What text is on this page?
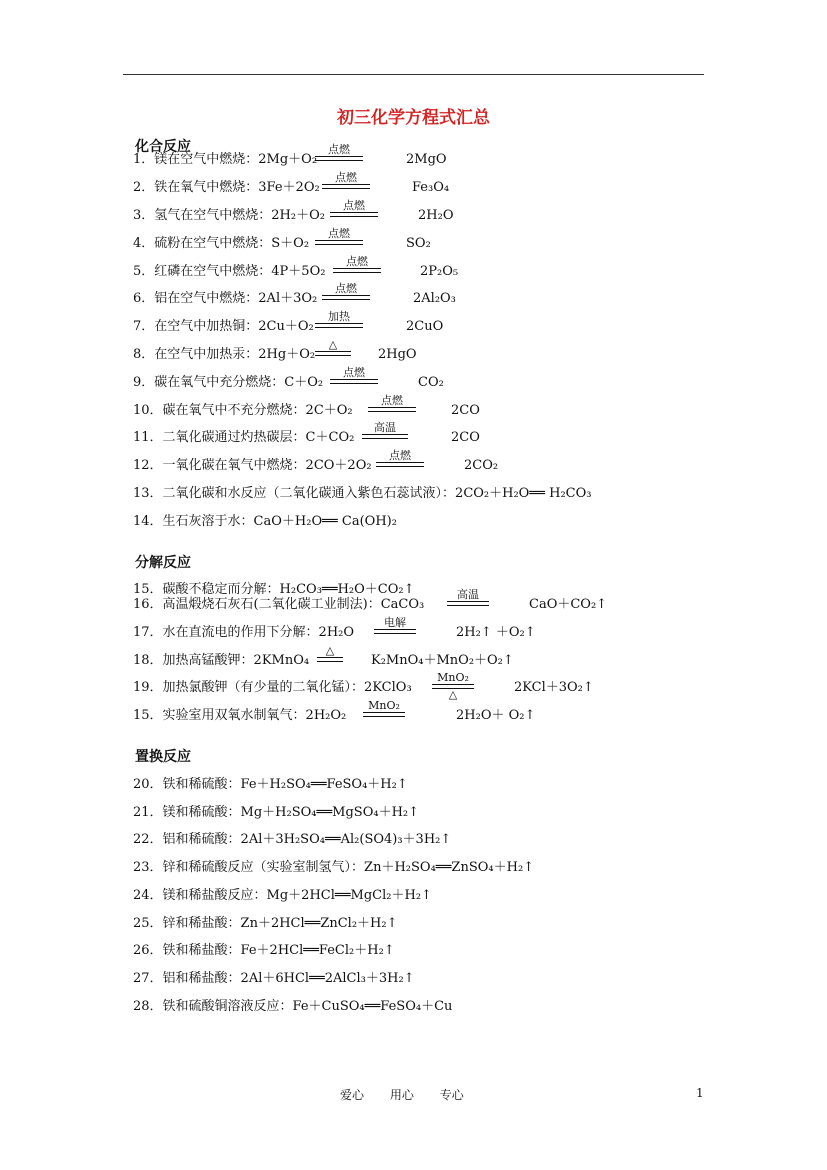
初三化学方程式汇总
化合反应
分解反应
置换反应
1．镁在空气中燃烧：2Mg＋O₂
点燃
2MgO
2．铁在氧气中燃烧：3Fe＋2O₂
点燃
Fe₃O₄
3．氢气在空气中燃烧：2H₂＋O₂
点燃
2H₂O
4．硫粉在空气中燃烧：S＋O₂
点燃
SO₂
5．红磷在空气中燃烧：4P＋5O₂
点燃
2P₂O₅
6．铝在空气中燃烧：2Al＋3O₂
点燃
2Al₂O₃
7．在空气中加热铜：2Cu＋O₂
加热
2CuO
8．在空气中加热汞：2Hg＋O₂
△
2HgO
9．碳在氧气中充分燃烧：C＋O₂
点燃
CO₂
10．碳在氧气中不充分燃烧：2C＋O₂
点燃
2CO
11．二氧化碳通过灼热碳层：C＋CO₂
高温
2CO
12．一氧化碳在氧气中燃烧：2CO＋2O₂
点燃
2CO₂
13．二氧化碳和水反应（二氧化碳通入紫色石蕊试液）：2CO₂＋H₂O══ H₂CO₃
14．生石灰溶于水：CaO＋H₂O══ Ca(OH)₂
15．碳酸不稳定而分解：H₂CO₃══H₂O＋CO₂↑
16．高温煅烧石灰石(二氧化碳工业制法)：CaCO₃
高温
CaO＋CO₂↑
17．水在直流电的作用下分解：2H₂O
电解
2H₂↑ ＋O₂↑
18．加热高锰酸钾：2KMnO₄
△
K₂MnO₄＋MnO₂＋O₂↑
19．加热氯酸钾（有少量的二氧化锰）：2KClO₃
MnO₂
△	2KCl＋3O₂↑
15．实验室用双氧水制氧气：2H₂O₂
MnO₂
2H₂O＋ O₂↑
20．铁和稀硫酸：Fe＋H₂SO₄══FeSO₄＋H₂↑
21．镁和稀硫酸：Mg＋H₂SO₄══MgSO₄＋H₂↑
22．铝和稀硫酸：2Al＋3H₂SO₄══Al₂(SO4)₃＋3H₂↑
23．锌和稀硫酸反应（实验室制氢气）：Zn＋H₂SO₄══ZnSO₄＋H₂↑
24．镁和稀盐酸反应：Mg＋2HCl══MgCl₂＋H₂↑
25．锌和稀盐酸：Zn＋2HCl══ZnCl₂＋H₂↑
26．铁和稀盐酸：Fe＋2HCl══FeCl₂＋H₂↑
27．铝和稀盐酸：2Al＋6HCl══2AlCl₃＋3H₂↑
28．铁和硫酸铜溶液反应：Fe＋CuSO₄══FeSO₄＋Cu
爱心 用心 专心	1
